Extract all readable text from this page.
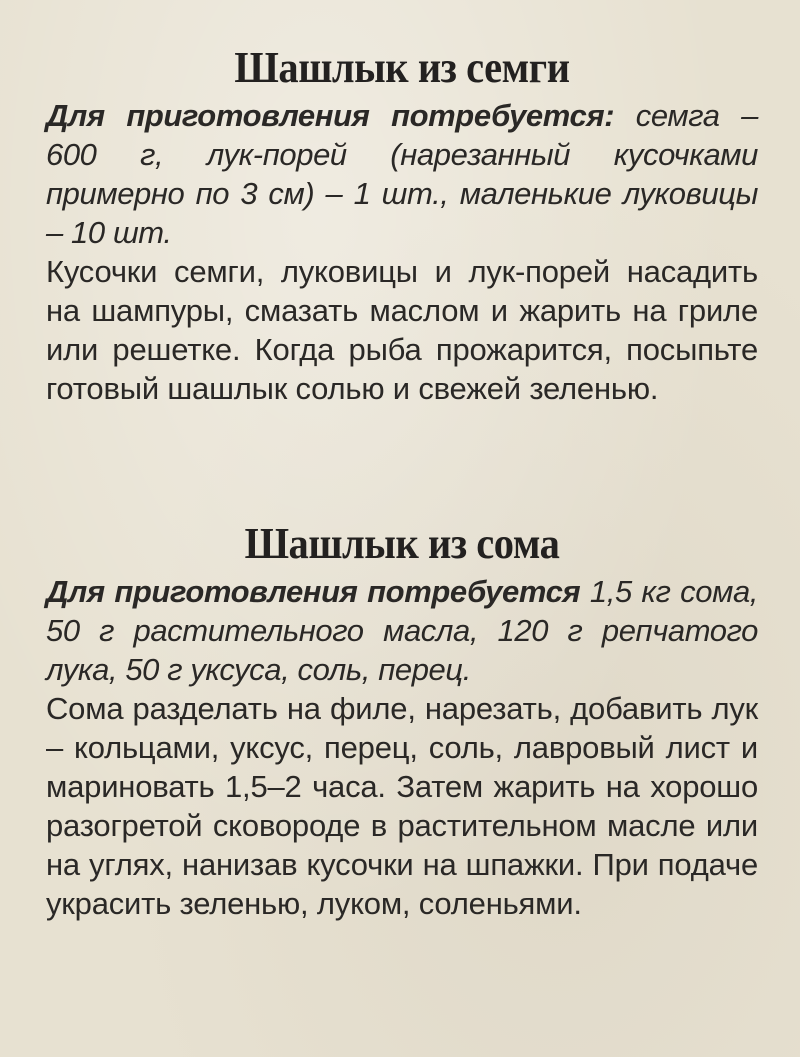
Шашлык из семги

Для приготовления потребуется: семга – 600 г, лук-порей (нарезанный кусочками примерно по 3 см) – 1 шт., маленькие луковицы – 10 шт.

Кусочки семги, луковицы и лук-порей насадить на шампуры, смазать маслом и жарить на гриле или решетке. Когда рыба прожарится, посыпьте готовый шашлык солью и свежей зеленью.

Шашлык из сома

Для приготовления потребуется 1,5 кг сома, 50 г растительного масла, 120 г репчатого лука, 50 г уксуса, соль, перец.

Сома разделать на филе, нарезать, добавить лук – кольцами, уксус, перец, соль, лавровый лист и мариновать 1,5–2 часа. Затем жарить на хорошо разогретой сковороде в растительном масле или на углях, нанизав кусочки на шпажки. При подаче украсить зеленью, луком, соленьями.
